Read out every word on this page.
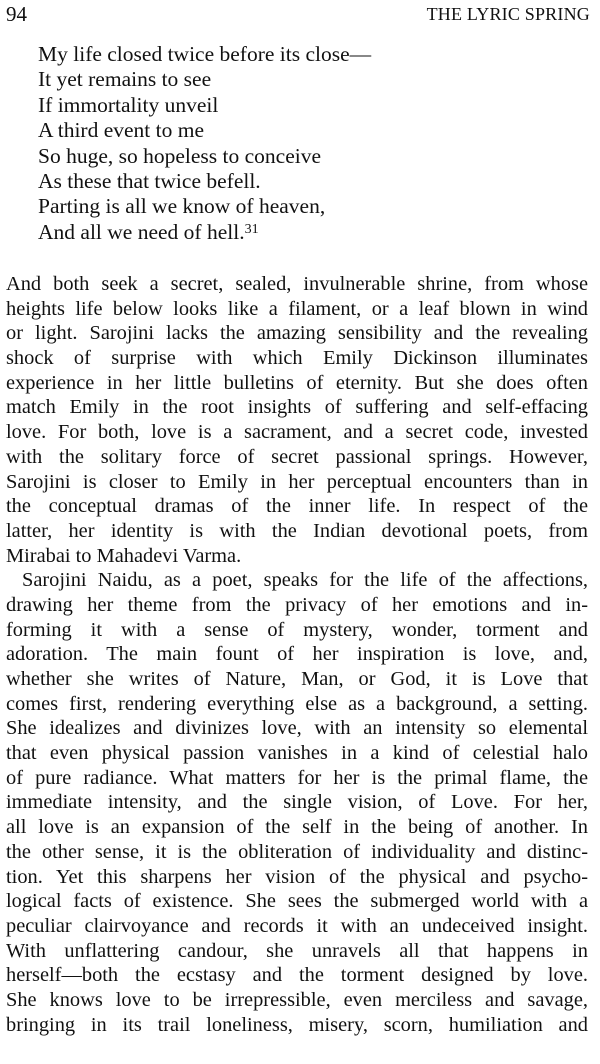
94	THE LYRIC SPRING
My life closed twice before its close—
It yet remains to see
If immortality unveil
A third event to me
So huge, so hopeless to conceive
As these that twice befell.
Parting is all we know of heaven,
And all we need of hell.$^{31}$
And both seek a secret, sealed, invulnerable shrine, from whose
heights life below looks like a filament, or a leaf blown in wind
or light. Sarojini lacks the amazing sensibility and the revealing
shock of surprise with which Emily Dickinson illuminates
experience in her little bulletins of eternity. But she does often
match Emily in the root insights of suffering and self-effacing
love. For both, love is a sacrament, and a secret code, invested
with the solitary force of secret passional springs. However,
Sarojini is closer to Emily in her perceptual encounters than in
the conceptual dramas of the inner life. In respect of the
latter, her identity is with the Indian devotional poets, from
Mirabai to Mahadevi Varma.
Sarojini Naidu, as a poet, speaks for the life of the affections,
drawing her theme from the privacy of her emotions and in-
forming it with a sense of mystery, wonder, torment and
adoration. The main fount of her inspiration is love, and,
whether she writes of Nature, Man, or God, it is Love that
comes first, rendering everything else as a background, a setting.
She idealizes and divinizes love, with an intensity so elemental
that even physical passion vanishes in a kind of celestial halo
of pure radiance. What matters for her is the primal flame, the
immediate intensity, and the single vision, of Love. For her,
all love is an expansion of the self in the being of another. In
the other sense, it is the obliteration of individuality and distinc-
tion. Yet this sharpens her vision of the physical and psycho-
logical facts of existence. She sees the submerged world with a
peculiar clairvoyance and records it with an undeceived insight.
With unflattering candour, she unravels all that happens in
herself—both the ecstasy and the torment designed by love.
She knows love to be irrepressible, even merciless and savage,
bringing in its trail loneliness, misery, scorn, humiliation and
